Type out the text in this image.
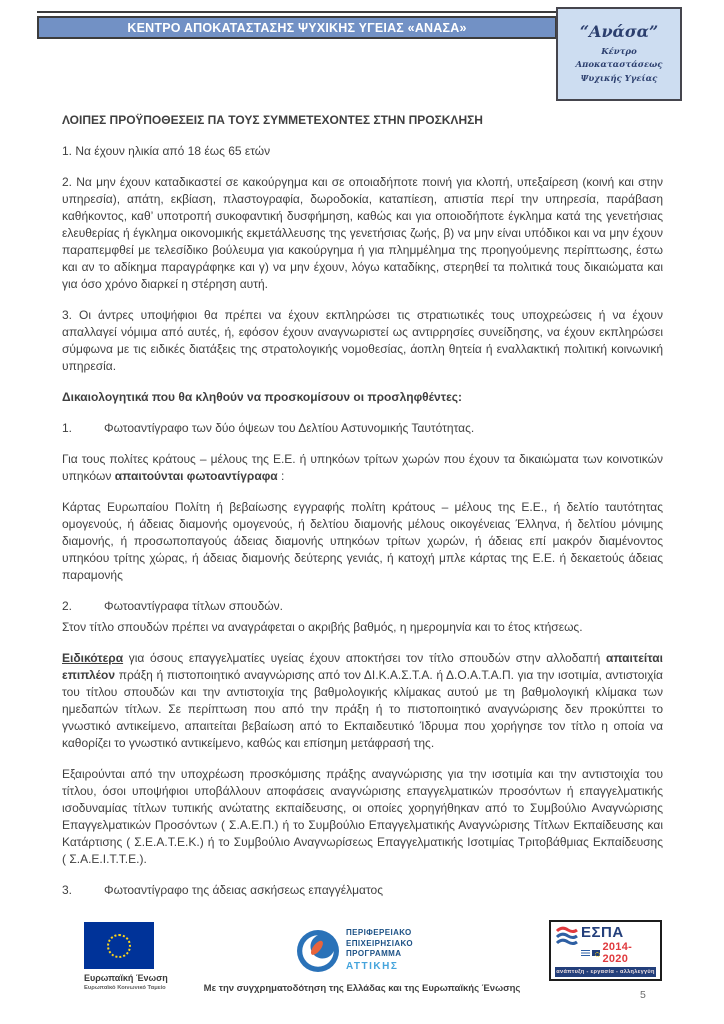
ΚΕΝΤΡΟ ΑΠΟΚΑΤΑΣΤΑΣΗΣ ΨΥΧΙΚΗΣ ΥΓΕΙΑΣ «ΑΝΑΣΑ»	“Ανάσα”
Κέντρο Αποκαταστάσεως
Ψυχικής Υγείας

ΛΟΙΠΕΣ ΠΡΟΫΠΟΘΕΣΕΙΣ ΠΑ ΤΟΥΣ ΣΥΜΜΕΤΕΧΟΝΤΕΣ ΣΤΗΝ ΠΡΟΣΚΛΗΣΗ

1. Να έχουν ηλικία από 18 έως 65 ετών

2. Να μην έχουν καταδικαστεί σε κακούργημα και σε οποιαδήποτε ποινή για κλοπή, υπεξαίρεση (κοινή και στην υπηρεσία), απάτη, εκβίαση, πλαστογραφία, δωροδοκία, καταπίεση, απιστία περί την υπηρεσία, παράβαση καθήκοντος, καθ’ υποτροπή συκοφαντική δυσφήμηση, καθώς και για οποιοδήποτε έγκλημα κατά της γενετήσιας ελευθερίας ή έγκλημα οικονομικής εκμετάλλευσης της γενετήσιας ζωής, β) να μην είναι υπόδικοι και να μην έχουν παραπεμφθεί με τελεσίδικο βούλευμα για κακούργημα ή για πλημμέλημα της προηγούμενης περίπτωσης, έστω και αν το αδίκημα παραγράφηκε και γ) να μην έχουν, λόγω καταδίκης, στερηθεί τα πολιτικά τους δικαιώματα και για όσο χρόνο διαρκεί η στέρηση αυτή.

3. Οι άντρες υποψήφιοι θα πρέπει να έχουν εκπληρώσει τις στρατιωτικές τους υποχρεώσεις ή να έχουν απαλλαγεί νόμιμα από αυτές, ή, εφόσον έχουν αναγνωριστεί ως αντιρρησίες συνείδησης, να έχουν εκπληρώσει σύμφωνα με τις ειδικές διατάξεις της στρατολογικής νομοθεσίας, άοπλη θητεία ή εναλλακτική πολιτική κοινωνική υπηρεσία.

Δικαιολογητικά που θα κληθούν να προσκομίσουν οι προσληφθέντες:

1.	Φωτοαντίγραφο των δύο όψεων του Δελτίου Αστυνομικής Ταυτότητας.

Για τους πολίτες κράτους – μέλους της Ε.Ε. ή υπηκόων τρίτων χωρών που έχουν τα δικαιώματα των κοινοτικών υπηκόων απαιτούνται φωτοαντίγραφα :

Κάρτας Ευρωπαίου Πολίτη ή βεβαίωσης εγγραφής πολίτη κράτους – μέλους της Ε.Ε., ή δελτίο ταυτότητας ομογενούς, ή άδειας διαμονής ομογενούς, ή δελτίου διαμονής μέλους οικογένειας Έλληνα, ή δελτίου μόνιμης διαμονής, ή προσωποπαγούς άδειας διαμονής υπηκόων τρίτων χωρών, ή άδειας επί μακρόν διαμένοντος υπηκόου τρίτης χώρας, ή άδειας διαμονής δεύτερης γενιάς, ή κατοχή μπλε κάρτας της Ε.Ε. ή δεκαετούς άδειας παραμονής

2.	Φωτοαντίγραφα τίτλων σπουδών.

Στον τίτλο σπουδών πρέπει να αναγράφεται ο ακριβής βαθμός, η ημερομηνία και το έτος κτήσεως.

Ειδικότερα για όσους επαγγελματίες υγείας έχουν αποκτήσει τον τίτλο σπουδών στην αλλοδαπή απαιτείται επιπλέον πράξη ή πιστοποιητικό αναγνώρισης από τον ΔΙ.Κ.Α.Σ.Τ.Α. ή Δ.Ο.Α.Τ.Α.Π. για την ισοτιμία, αντιστοιχία του τίτλου σπουδών και την αντιστοιχία της βαθμολογικής κλίμακας αυτού με τη βαθμολογική κλίμακα των ημεδαπών τίτλων. Σε περίπτωση που από την πράξη ή το πιστοποιητικό αναγνώρισης δεν προκύπτει το γνωστικό αντικείμενο, απαιτείται βεβαίωση από το Εκπαιδευτικό Ίδρυμα που χορήγησε τον τίτλο η οποία να καθορίζει το γνωστικό αντικείμενο, καθώς και επίσημη μετάφρασή της.

Εξαιρούνται από την υποχρέωση προσκόμισης πράξης αναγνώρισης για την ισοτιμία και την αντιστοιχία του τίτλου, όσοι υποψήφιοι υποβάλλουν αποφάσεις αναγνώρισης επαγγελματικών προσόντων ή επαγγελματικής ισοδυναμίας τίτλων τυπικής ανώτατης εκπαίδευσης, οι οποίες χορηγήθηκαν από το Συμβούλιο Αναγνώρισης Επαγγελματικών Προσόντων ( Σ.Α.Ε.Π.) ή το Συμβούλιο Επαγγελματικής Αναγνώρισης Τίτλων Εκπαίδευσης και Κατάρτισης ( Σ.Ε.Α.Τ.Ε.Κ.) ή το Συμβούλιο Αναγνωρίσεως Επαγγελματικής Ισοτιμίας Τριτοβάθμιας Εκπαίδευσης ( Σ.Α.Ε.Ι.Τ.Τ.Ε.).

3.	Φωτοαντίγραφο της άδειας ασκήσεως επαγγέλματος
Ευρωπαϊκή Ένωση
Ευρωπαϊκό Κοινωνικό Ταμείο
ΠΕΡΙΦΕΡΕΙΑΚΟ
ΕΠΙΧΕΙΡΗΣΙΑΚΟ
ΠΡΟΓΡΑΜΜΑ
ΑΤΤΙΚΗΣ
ΕΣΠΑ
2014-2020
ανάπτυξη - εργασία - αλληλεγγύη
Με την συγχρηματοδότηση της Ελλάδας και της Ευρωπαϊκής Ένωσης
5
